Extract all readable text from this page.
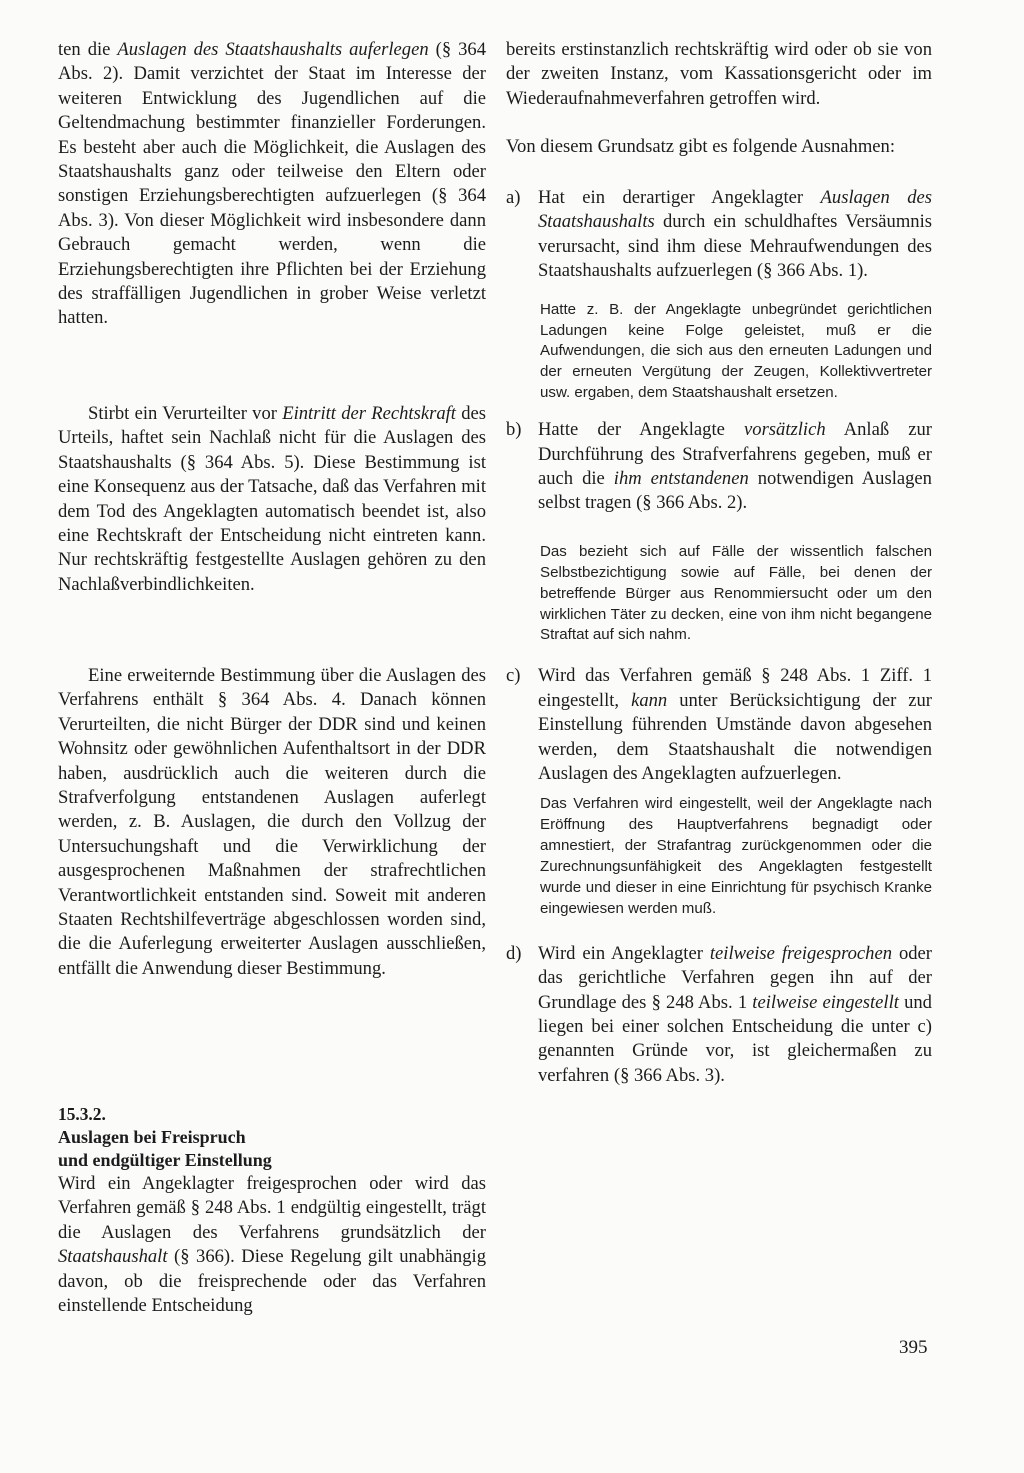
ten die Auslagen des Staatshaushalts auferlegen (§ 364 Abs. 2). Damit verzichtet der Staat im Interesse der weiteren Entwicklung des Jugendlichen auf die Geltendmachung bestimmter finanzieller Forderungen. Es besteht aber auch die Möglichkeit, die Auslagen des Staatshaushalts ganz oder teilweise den Eltern oder sonstigen Erziehungsberechtigten aufzuerlegen (§ 364 Abs. 3). Von dieser Möglichkeit wird insbesondere dann Gebrauch gemacht werden, wenn die Erziehungsberechtigten ihre Pflichten bei der Erziehung des straffälligen Jugendlichen in grober Weise verletzt hatten.

Stirbt ein Verurteilter vor Eintritt der Rechtskraft des Urteils, haftet sein Nachlaß nicht für die Auslagen des Staatshaushalts (§ 364 Abs. 5). Diese Bestimmung ist eine Konsequenz aus der Tatsache, daß das Verfahren mit dem Tod des Angeklagten automatisch beendet ist, also eine Rechtskraft der Entscheidung nicht eintreten kann. Nur rechtskräftig festgestellte Auslagen gehören zu den Nachlaßverbindlichkeiten.

Eine erweiternde Bestimmung über die Auslagen des Verfahrens enthält § 364 Abs. 4. Danach können Verurteilten, die nicht Bürger der DDR sind und keinen Wohnsitz oder gewöhnlichen Aufenthaltsort in der DDR haben, ausdrücklich auch die weiteren durch die Strafverfolgung entstandenen Auslagen auferlegt werden, z. B. Auslagen, die durch den Vollzug der Untersuchungshaft und die Verwirklichung der ausgesprochenen Maßnahmen der strafrechtlichen Verantwortlichkeit entstanden sind. Soweit mit anderen Staaten Rechtshilfeverträge abgeschlossen worden sind, die die Auferlegung erweiterter Auslagen ausschließen, entfällt die Anwendung dieser Bestimmung.

15.3.2.
Auslagen bei Freispruch
und endgültiger Einstellung

Wird ein Angeklagter freigesprochen oder wird das Verfahren gemäß § 248 Abs. 1 endgültig eingestellt, trägt die Auslagen des Verfahrens grundsätzlich der Staatshaushalt (§ 366). Diese Regelung gilt unabhängig davon, ob die freisprechende oder das Verfahren einstellende Entscheidung

bereits erstinstanzlich rechtskräftig wird oder ob sie von der zweiten Instanz, vom Kassationsgericht oder im Wiederaufnahmeverfahren getroffen wird.

Von diesem Grundsatz gibt es folgende Ausnahmen:

a) Hat ein derartiger Angeklagter Auslagen des Staatshaushalts durch ein schuldhaftes Versäumnis verursacht, sind ihm diese Mehraufwendungen des Staatshaushalts aufzuerlegen (§ 366 Abs. 1).

Hatte z. B. der Angeklagte unbegründet gerichtlichen Ladungen keine Folge geleistet, muß er die Aufwendungen, die sich aus den erneuten Ladungen und der erneuten Vergütung der Zeugen, Kollektivvertreter usw. ergaben, dem Staatshaushalt ersetzen.

b) Hatte der Angeklagte vorsätzlich Anlaß zur Durchführung des Strafverfahrens gegeben, muß er auch die ihm entstandenen notwendigen Auslagen selbst tragen (§ 366 Abs. 2).

Das bezieht sich auf Fälle der wissentlich falschen Selbstbezichtigung sowie auf Fälle, bei denen der betreffende Bürger aus Renommiersucht oder um den wirklichen Täter zu decken, eine von ihm nicht begangene Straftat auf sich nahm.

c) Wird das Verfahren gemäß § 248 Abs. 1 Ziff. 1 eingestellt, kann unter Berücksichtigung der zur Einstellung führenden Umstände davon abgesehen werden, dem Staatshaushalt die notwendigen Auslagen des Angeklagten aufzuerlegen.

Das Verfahren wird eingestellt, weil der Angeklagte nach Eröffnung des Hauptverfahrens begnadigt oder amnestiert, der Strafantrag zurückgenommen oder die Zurechnungsunfähigkeit des Angeklagten festgestellt wurde und dieser in eine Einrichtung für psychisch Kranke eingewiesen werden muß.

d) Wird ein Angeklagter teilweise freigesprochen oder das gerichtliche Verfahren gegen ihn auf der Grundlage des § 248 Abs. 1 teilweise eingestellt und liegen bei einer solchen Entscheidung die unter c) genannten Gründe vor, ist gleichermaßen zu verfahren (§ 366 Abs. 3).
395
